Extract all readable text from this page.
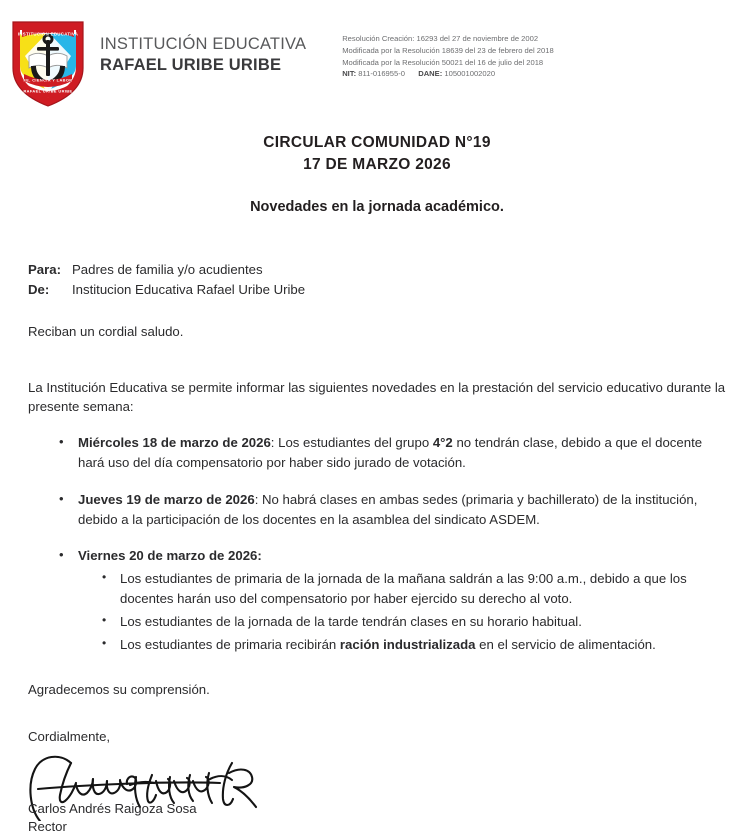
INSTITUCION EDUCATIVA
FE, CIENCIA Y LABOR
RAFAEL URIBE URIBE
INSTITUCIÓN EDUCATIVA
RAFAEL URIBE URIBE
Resolución Creación: 16293 del 27 de noviembre de 2002
Modificada por la Resolución 18639 del 23 de febrero del 2018
Modificada por la Resolución 50021 del 16 de julio del 2018
NIT: 811-016955-0 DANE: 105001002020
CIRCULAR COMUNIDAD N°19
17 DE MARZO 2026
Novedades en la jornada académico.
Para: Padres de familia y/o acudientes
De:	Institucion Educativa Rafael Uribe Uribe
Reciban un cordial saludo.
La Institución Educativa se permite informar las siguientes novedades en la prestación del servicio educativo durante la presente semana:
• Miércoles 18 de marzo de 2026: Los estudiantes del grupo 4°2 no tendrán clase, debido a que el docente hará uso del día compensatorio por haber sido jurado de votación.
• Jueves 19 de marzo de 2026: No habrá clases en ambas sedes (primaria y bachillerato) de la institución, debido a la participación de los docentes en la asamblea del sindicato ASDEM.
• Viernes 20 de marzo de 2026:
• Los estudiantes de primaria de la jornada de la mañana saldrán a las 9:00 a.m., debido a que los docentes harán uso del compensatorio por haber ejercido su derecho al voto.
• Los estudiantes de la jornada de la tarde tendrán clases en su horario habitual.
• Los estudiantes de primaria recibirán ración industrializada en el servicio de alimentación.
Agradecemos su comprensión.
Cordialmente,
Carlos Andrés Raigoza Sosa
Rector
